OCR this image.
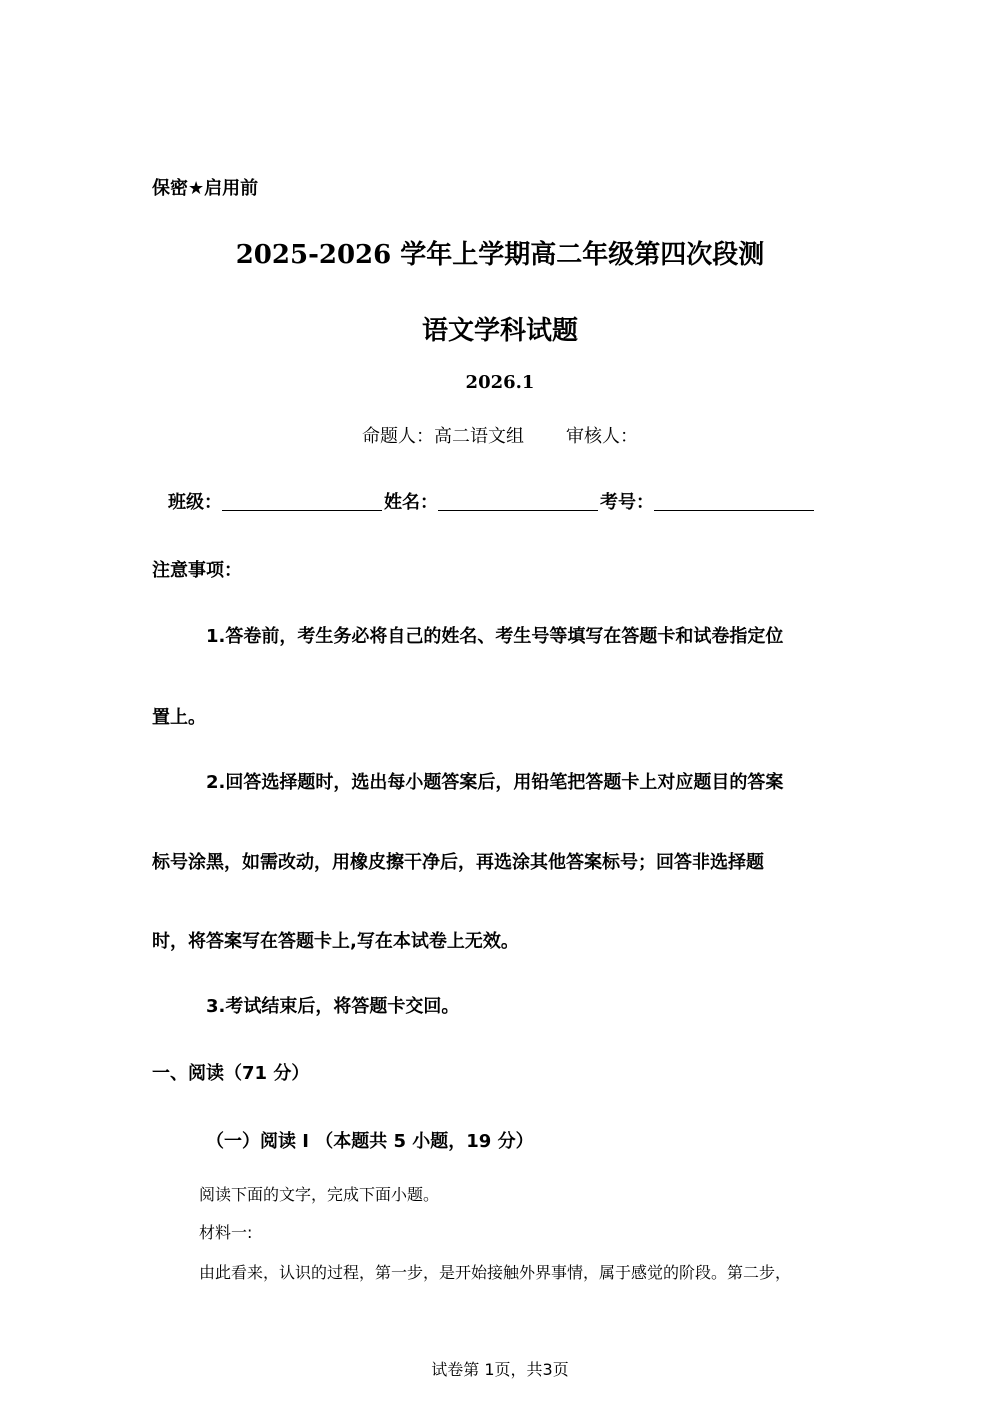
保密★启用前
2025-2026 学年上学期高二年级第四次段测
语文学科试题
2026.1
命题人：高二语文组 审核人：
班级：	姓名：	考号：
注意事项：
1.答卷前，考生务必将自己的姓名、考生号等填写在答题卡和试卷指定位
置上。
2.回答选择题时，选出每小题答案后，用铅笔把答题卡上对应题目的答案
标号涂黑，如需改动，用橡皮擦干净后，再选涂其他答案标号；回答非选择题
时，将答案写在答题卡上,写在本试卷上无效。
3.考试结束后，将答题卡交回。
一、阅读（71 分）
（一）阅读 I （本题共 5 小题，19 分）
阅读下面的文字，完成下面小题。
材料一:
由此看来，认识的过程，第一步，是开始接触外界事情，属于感觉的阶段。第二步，
试卷第 1页，共3页
